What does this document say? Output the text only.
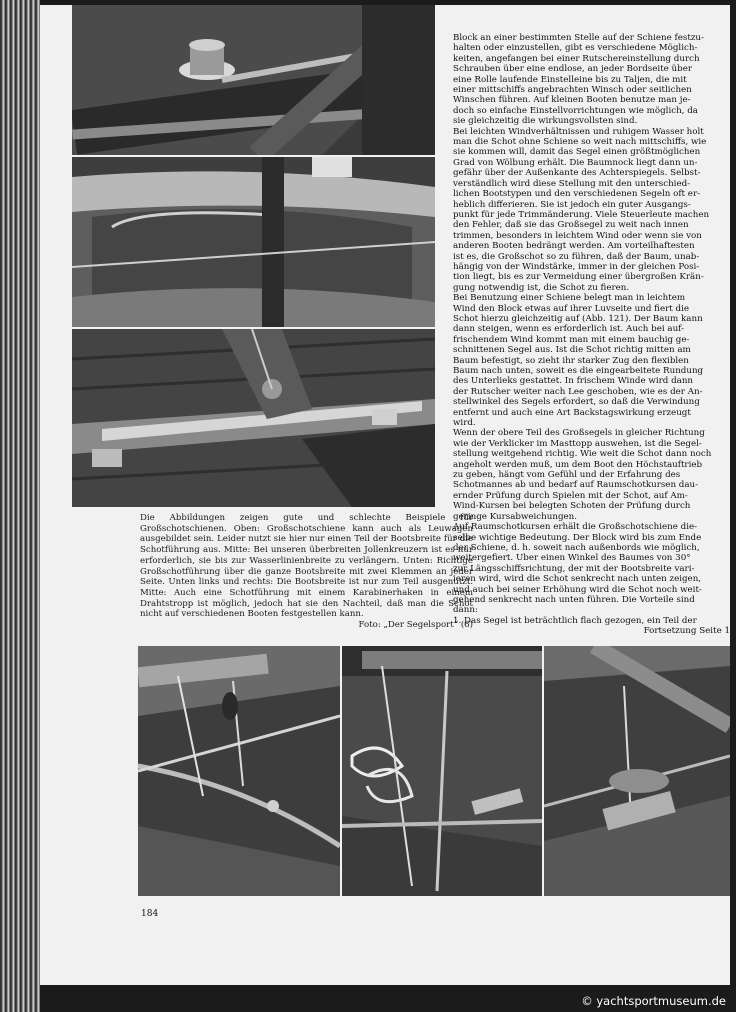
Die Abbildungen zeigen gute und schlechte Beispiele für Großschotschienen. Oben: Großschotschiene kann auch als Leuwagen ausgebildet sein. Leider nutzt sie hier nur einen Teil der Bootsbreite für die Schotführung aus. Mitte: Bei unseren überbreiten Jollenkreuzern ist es nur erforderlich, sie bis zur Wasserlinienbreite zu verlängern. Unten: Richtige Großschotführung über die ganze Bootsbreite mit zwei Klemmen an jeder Seite. Unten links und rechts: Die Bootsbreite ist nur zum Teil ausgenutzt. Mitte: Auch eine Schotführung mit einem Karabinerhaken in einem Drahtstropp ist möglich, jedoch hat sie den Nachteil, daß man die Schot nicht auf verschiedenen Booten festgestellen kann.
Foto: „Der Segelsport“ (6)

Block an einer bestimmten Stelle auf der Schiene festzu-

halten oder einzustellen, gibt es verschiedene Möglich-

keiten, angefangen bei einer Rutschereinstellung durch

Schrauben über eine endlose, an jeder Bordseite über

eine Rolle laufende Einstelleine bis zu Taljen, die mit

einer mittschiffs angebrachten Winsch oder seitlichen

Winschen führen. Auf kleinen Booten benutze man je-

doch so einfache Einstellvorrichtungen wie möglich, da

sie gleichzeitig die wirkungsvollsten sind.

Bei leichten Windverhältnissen und ruhigem Wasser holt

man die Schot ohne Schiene so weit nach mittschiffs, wie

sie kommen will, damit das Segel einen größtmöglichen

Grad von Wölbung erhält. Die Baumnock liegt dann un-

gefähr über der Außenkante des Achterspiegels. Selbst-

verständlich wird diese Stellung mit den unterschied-

lichen Bootstypen und den verschiedenen Segeln oft er-

heblich differieren. Sie ist jedoch ein guter Ausgangs-

punkt für jede Trimmänderung. Viele Steuerleute machen

den Fehler, daß sie das Großsegel zu weit nach innen

trimmen, besonders in leichtem Wind oder wenn sie von

anderen Booten bedrängt werden. Am vorteilhaftesten

ist es, die Großschot so zu führen, daß der Baum, unab-

hängig von der Windstärke, immer in der gleichen Posi-

tion liegt, bis es zur Vermeidung einer übergroßen Krän-

gung notwendig ist, die Schot zu fieren.

Bei Benutzung einer Schiene belegt man in leichtem

Wind den Block etwas auf ihrer Luvseite und fiert die

Schot hierzu gleichzeitig auf (Abb. 121). Der Baum kann

dann steigen, wenn es erforderlich ist. Auch bei auf-

frischendem Wind kommt man mit einem bauchig ge-

schnittenen Segel aus. Ist die Schot richtig mitten am

Baum befestigt, so zieht ihr starker Zug den flexiblen

Baum nach unten, soweit es die eingearbeitete Rundung

des Unterlieks gestattet. In frischem Winde wird dann

der Rutscher weiter nach Lee geschoben, wie es der An-

stellwinkel des Segels erfordert, so daß die Verwindung

entfernt und auch eine Art Backstagswirkung erzeugt

wird.

Wenn der obere Teil des Großsegels in gleicher Richtung

wie der Verklicker im Masttopp auswehen, ist die Segel-

stellung weitgehend richtig. Wie weit die Schot dann noch

angeholt werden muß, um dem Boot den Höchstauftrieb

zu geben, hängt vom Gefühl und der Erfahrung des

Schotmannes ab und bedarf auf Raumschotkursen dau-

ernder Prüfung durch Spielen mit der Schot, auf Am-

Wind-Kursen bei belegten Schoten der Prüfung durch

geringe Kursabweichungen.

Auf Raumschotkursen erhält die Großschotschiene die-

selbe wichtige Bedeutung. Der Block wird bis zum Ende

der Schiene, d. h. soweit nach außenbords wie möglich,

weitergefiert. Über einen Winkel des Baumes von 30°

zur Längsschiffsrichtung, der mit der Bootsbreite vari-

ieren wird, wird die Schot senkrecht nach unten zeigen,

und auch bei seiner Erhöhung wird die Schot noch weit-

gehend senkrecht nach unten führen. Die Vorteile sind

dann:

1. Das Segel ist beträchtlich flach gezogen, ein Teil der

Fortsetzung Seite 1

184

© yachtsportmuseum.de
